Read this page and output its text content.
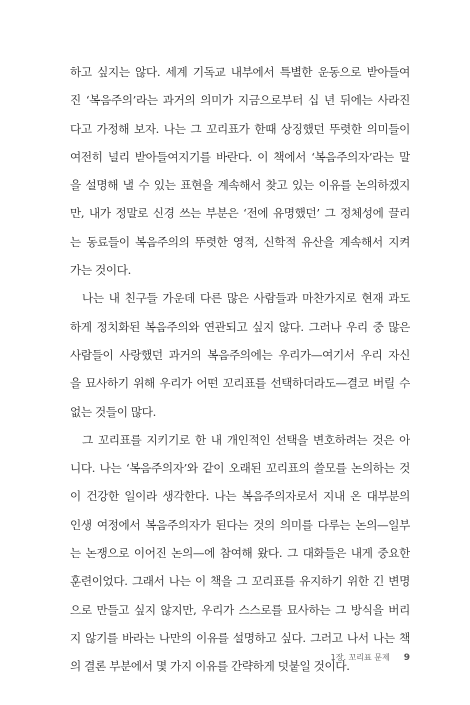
하고 싶지는 않다. 세계 기독교 내부에서 특별한 운동으로 받아들여
진 ‘복음주의’라는 과거의 의미가 지금으로부터 십 년 뒤에는 사라진
다고 가정해 보자. 나는 그 꼬리표가 한때 상징했던 뚜렷한 의미들이
여전히 널리 받아들여지기를 바란다. 이 책에서 ‘복음주의자’라는 말
을 설명해 낼 수 있는 표현을 계속해서 찾고 있는 이유를 논의하겠지
만, 내가 정말로 신경 쓰는 부분은 ‘전에 유명했던’ 그 정체성에 끌리
는 동료들이 복음주의의 뚜렷한 영적, 신학적 유산을 계속해서 지켜
가는 것이다.
나는 내 친구들 가운데 다른 많은 사람들과 마찬가지로 현재 과도
하게 정치화된 복음주의와 연관되고 싶지 않다. 그러나 우리 중 많은
사람들이 사랑했던 과거의 복음주의에는 우리가—여기서 우리 자신
을 묘사하기 위해 우리가 어떤 꼬리표를 선택하더라도—결코 버릴 수
없는 것들이 많다.
그 꼬리표를 지키기로 한 내 개인적인 선택을 변호하려는 것은 아
니다. 나는 ‘복음주의자’와 같이 오래된 꼬리표의 쓸모를 논의하는 것
이 건강한 일이라 생각한다. 나는 복음주의자로서 지내 온 대부분의
인생 여정에서 복음주의자가 된다는 것의 의미를 다루는 논의—일부
는 논쟁으로 이어진 논의—에 참여해 왔다. 그 대화들은 내게 중요한
훈련이었다. 그래서 나는 이 책을 그 꼬리표를 유지하기 위한 긴 변명
으로 만들고 싶지 않지만, 우리가 스스로를 묘사하는 그 방식을 버리
지 않기를 바라는 나만의 이유를 설명하고 싶다. 그러고 나서 나는 책
의 결론 부분에서 몇 가지 이유를 간략하게 덧붙일 것이다.
1장. 꼬리표 문제 9
